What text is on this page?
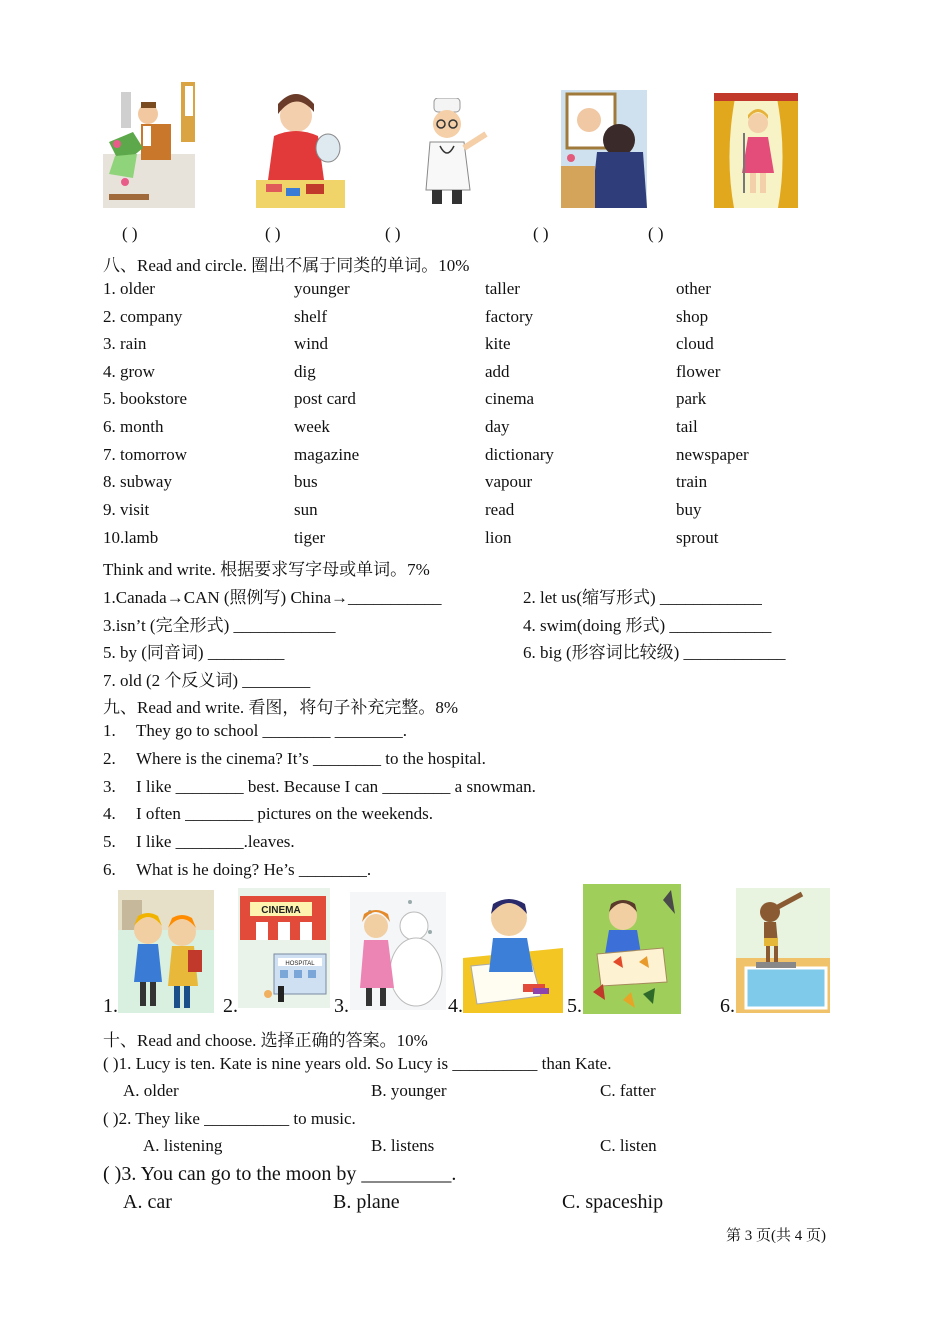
( )	( )	( )	( )	( )
八、Read and circle. 圈出不属于同类的单词。10%
1. older	younger	taller	other
2. company	shelf	factory	shop
3. rain	wind	kite	cloud
4. grow	dig	add	flower
5. bookstore	post card	cinema	park
6. month	week	day	tail
7. tomorrow	magazine	dictionary	newspaper
8. subway	bus	vapour	train
9. visit	sun	read	buy
10.lamb	tiger	lion	sprout
Think and write. 根据要求写字母或单词。7%
1.Canada→CAN (照例写) China→___________	2. let us(缩写形式) ____________
3.isn’t (完全形式) ____________	4. swim(doing 形式) ____________
5. by (同音词) _________	6. big (形容词比较级) ____________
7. old (2 个反义词) ________
九、Read and write. 看图，将句子补充完整。8%
1. They go to school ________ ________.
2. Where is the cinema? It’s ________ to the hospital.
3. I like ________ best. Because I can ________ a snowman.
4. I often ________ pictures on the weekends.
5. I like ________.leaves.
6. What is he doing? He’s ________.
1.	2.
CINEMA
HOSPITAL
3.	4.	5.	6.
十、Read and choose. 选择正确的答案。10%
( )1. Lucy is ten. Kate is nine years old. So Lucy is __________ than Kate.
A. older	B. younger	C. fatter
( )2. They like __________ to music.
A. listening	B. listens	C. listen
( )3. You can go to the moon by _________.
A. car	B. plane	C. spaceship
第 3 页(共 4 页)
